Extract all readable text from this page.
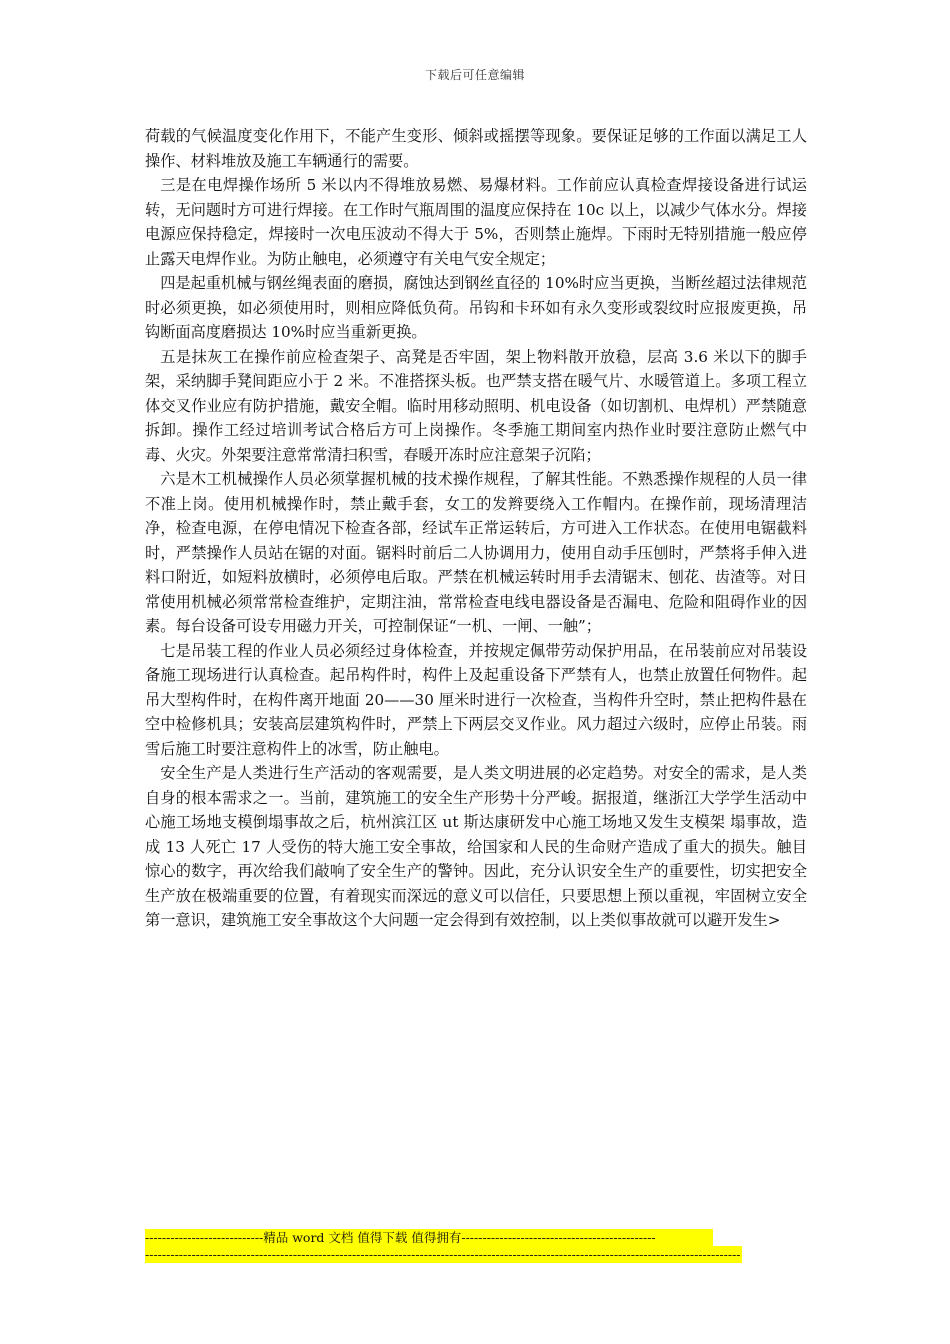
下载后可任意编辑

荷载的气候温度变化作用下，不能产生变形、倾斜或摇摆等现象。要保证足够的工作面以满足工人操作、材料堆放及施工车辆通行的需要。

三是在电焊操作场所 5 米以内不得堆放易燃、易爆材料。工作前应认真检查焊接设备进行试运转，无问题时方可进行焊接。在工作时气瓶周围的温度应保持在 10c 以上，以减少气体水分。焊接电源应保持稳定，焊接时一次电压波动不得大于 5%，否则禁止施焊。下雨时无特别措施一般应停止露天电焊作业。为防止触电，必须遵守有关电气安全规定；

四是起重机械与钢丝绳表面的磨损，腐蚀达到钢丝直径的 10%时应当更换，当断丝超过法律规范时必须更换，如必须使用时，则相应降低负荷。吊钩和卡环如有永久变形或裂纹时应报废更换，吊钩断面高度磨损达 10%时应当重新更换。

五是抹灰工在操作前应检查架子、高凳是否牢固，架上物料散开放稳，层高 3.6 米以下的脚手架，采纳脚手凳间距应小于 2 米。不准搭探头板。也严禁支搭在暖气片、水暖管道上。多项工程立体交叉作业应有防护措施，戴安全帽。临时用移动照明、机电设备（如切割机、电焊机）严禁随意拆卸。操作工经过培训考试合格后方可上岗操作。冬季施工期间室内热作业时要注意防止燃气中毒、火灾。外架要注意常常清扫积雪，春暖开冻时应注意架子沉陷；

六是木工机械操作人员必须掌握机械的技术操作规程，了解其性能。不熟悉操作规程的人员一律不准上岗。使用机械操作时，禁止戴手套，女工的发辫要绕入工作帽内。在操作前，现场清理洁净，检查电源，在停电情况下检查各部，经试车正常运转后，方可进入工作状态。在使用电锯截料时，严禁操作人员站在锯的对面。锯料时前后二人协调用力，使用自动手压刨时，严禁将手伸入进料口附近，如短料放横时，必须停电后取。严禁在机械运转时用手去清锯末、刨花、齿渣等。对日常使用机械必须常常检查维护，定期注油，常常检查电线电器设备是否漏电、危险和阻碍作业的因素。每台设备可设专用磁力开关，可控制保证“一机、一闸、一触”；

七是吊装工程的作业人员必须经过身体检查，并按规定佩带劳动保护用品，在吊装前应对吊装设备施工现场进行认真检查。起吊构件时，构件上及起重设备下严禁有人，也禁止放置任何物件。起吊大型构件时，在构件离开地面 20——30 厘米时进行一次检查，当构件升空时，禁止把构件悬在空中检修机具；安装高层建筑构件时，严禁上下两层交叉作业。风力超过六级时，应停止吊装。雨雪后施工时要注意构件上的冰雪，防止触电。

安全生产是人类进行生产活动的客观需要，是人类文明进展的必定趋势。对安全的需求，是人类自身的根本需求之一。当前，建筑施工的安全生产形势十分严峻。据报道，继浙江大学学生活动中心施工场地支模倒塌事故之后，杭州滨江区 ut 斯达康研发中心施工场地又发生支模架 塌事故，造成 13 人死亡 17 人受伤的特大施工安全事故，给国家和人民的生命财产造成了重大的损失。触目惊心的数字，再次给我们敲响了安全生产的警钟。因此，充分认识安全生产的重要性，切实把安全生产放在极端重要的位置，有着现实而深远的意义可以信任，只要思想上预以重视，牢固树立安全第一意识，建筑施工安全事故这个大问题一定会得到有效控制，以上类似事故就可以避开发生>

----------------------------精品 word 文档 值得下载 值得拥有----------------------------------------------
---------------------------------------------------------------------------------------------------------------------------------------------
